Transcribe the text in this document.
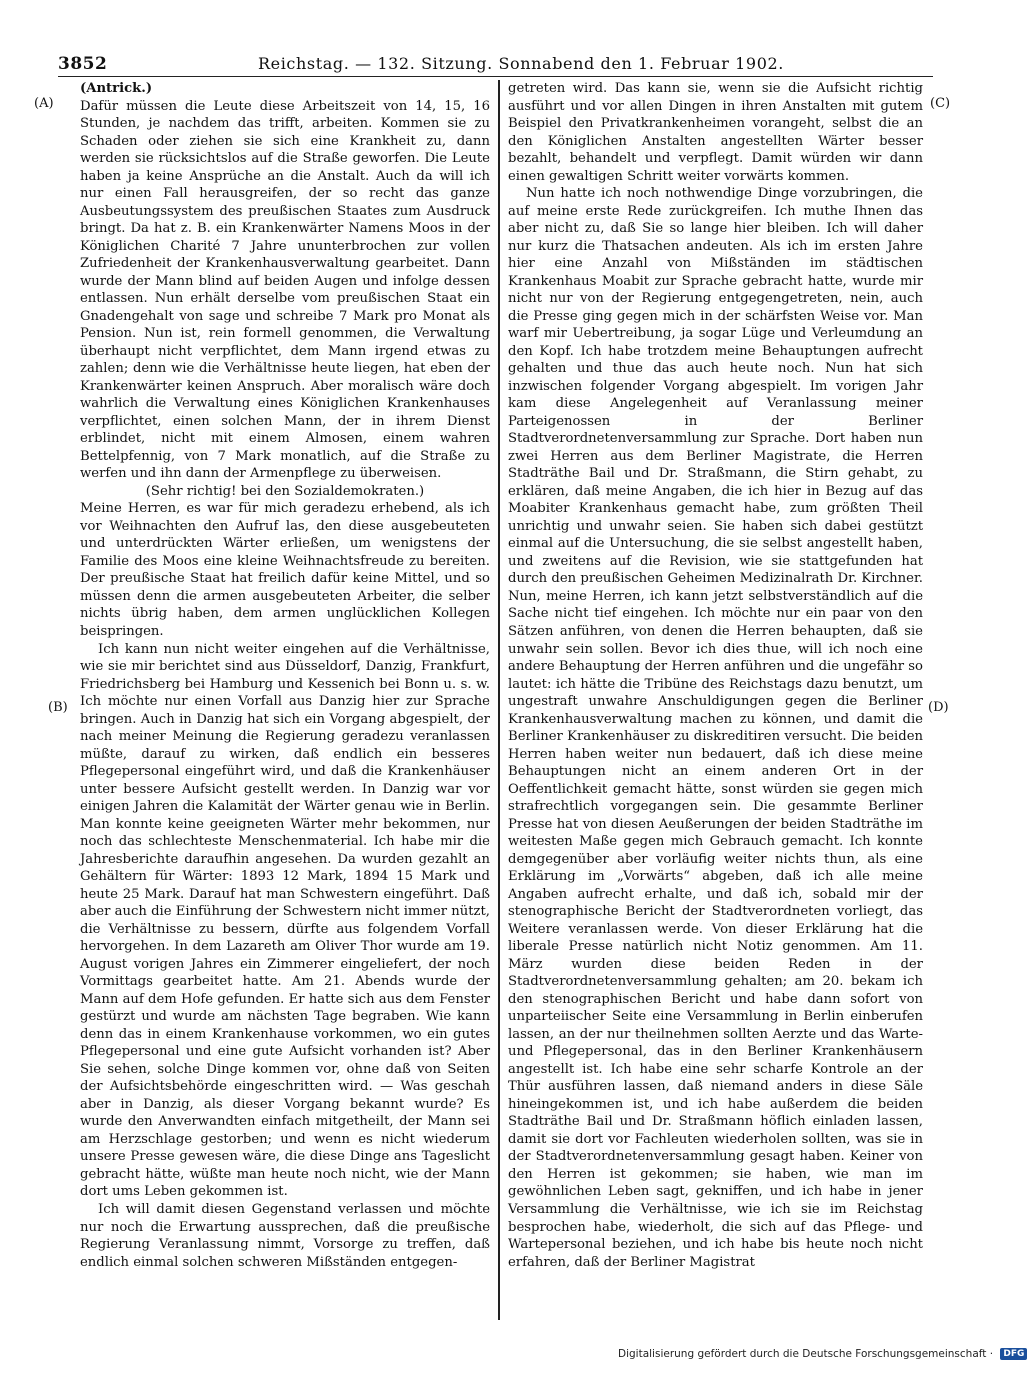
3852	Reichstag. — 132. Sitzung. Sonnabend den 1. Februar 1902.
(A)
(B)
(C)
(D)

(Antrick.)

Dafür müssen die Leute diese Arbeitszeit von 14, 15, 16 Stunden, je nachdem das trifft, arbeiten. Kommen sie zu Schaden oder ziehen sie sich eine Krankheit zu, dann werden sie rücksichtslos auf die Straße geworfen. Die Leute haben ja keine Ansprüche an die Anstalt. Auch da will ich nur einen Fall herausgreifen, der so recht das ganze Ausbeutungssystem des preußischen Staates zum Ausdruck bringt. Da hat z. B. ein Krankenwärter Namens Moos in der Königlichen Charité 7 Jahre ununterbrochen zur vollen Zufriedenheit der Krankenhausverwaltung gearbeitet. Dann wurde der Mann blind auf beiden Augen und infolge dessen entlassen. Nun erhält derselbe vom preußischen Staat ein Gnadengehalt von sage und schreibe 7 Mark pro Monat als Pension. Nun ist, rein formell genommen, die Verwaltung überhaupt nicht verpflichtet, dem Mann irgend etwas zu zahlen; denn wie die Verhältnisse heute liegen, hat eben der Krankenwärter keinen Anspruch. Aber moralisch wäre doch wahrlich die Verwaltung eines Königlichen Krankenhauses verpflichtet, einen solchen Mann, der in ihrem Dienst erblindet, nicht mit einem Almosen, einem wahren Bettelpfennig, von 7 Mark monatlich, auf die Straße zu werfen und ihn dann der Armenpflege zu überweisen.

(Sehr richtig! bei den Sozialdemokraten.)

Meine Herren, es war für mich geradezu erhebend, als ich vor Weihnachten den Aufruf las, den diese ausgebeuteten und unterdrückten Wärter erließen, um wenigstens der Familie des Moos eine kleine Weihnachtsfreude zu bereiten. Der preußische Staat hat freilich dafür keine Mittel, und so müssen denn die armen ausgebeuteten Arbeiter, die selber nichts übrig haben, dem armen unglücklichen Kollegen beispringen.

Ich kann nun nicht weiter eingehen auf die Verhältnisse, wie sie mir berichtet sind aus Düsseldorf, Danzig, Frankfurt, Friedrichsberg bei Hamburg und Kessenich bei Bonn u. s. w. Ich möchte nur einen Vorfall aus Danzig hier zur Sprache bringen. Auch in Danzig hat sich ein Vorgang abgespielt, der nach meiner Meinung die Regierung geradezu veranlassen müßte, darauf zu wirken, daß endlich ein besseres Pflegepersonal eingeführt wird, und daß die Krankenhäuser unter bessere Aufsicht gestellt werden. In Danzig war vor einigen Jahren die Kalamität der Wärter genau wie in Berlin. Man konnte keine geeigneten Wärter mehr bekommen, nur noch das schlechteste Menschenmaterial. Ich habe mir die Jahresberichte daraufhin angesehen. Da wurden gezahlt an Gehältern für Wärter: 1893 12 Mark, 1894 15 Mark und heute 25 Mark. Darauf hat man Schwestern eingeführt. Daß aber auch die Einführung der Schwestern nicht immer nützt, die Verhältnisse zu bessern, dürfte aus folgendem Vorfall hervorgehen. In dem Lazareth am Oliver Thor wurde am 19. August vorigen Jahres ein Zimmerer eingeliefert, der noch Vormittags gearbeitet hatte. Am 21. Abends wurde der Mann auf dem Hofe gefunden. Er hatte sich aus dem Fenster gestürzt und wurde am nächsten Tage begraben. Wie kann denn das in einem Krankenhause vorkommen, wo ein gutes Pflegepersonal und eine gute Aufsicht vorhanden ist? Aber Sie sehen, solche Dinge kommen vor, ohne daß von Seiten der Aufsichtsbehörde eingeschritten wird. — Was geschah aber in Danzig, als dieser Vorgang bekannt wurde? Es wurde den Anverwandten einfach mitgetheilt, der Mann sei am Herzschlage gestorben; und wenn es nicht wiederum unsere Presse gewesen wäre, die diese Dinge ans Tageslicht gebracht hätte, wüßte man heute noch nicht, wie der Mann dort ums Leben gekommen ist.

Ich will damit diesen Gegenstand verlassen und möchte nur noch die Erwartung aussprechen, daß die preußische Regierung Veranlassung nimmt, Vorsorge zu treffen, daß endlich einmal solchen schweren Mißständen entgegen-

getreten wird. Das kann sie, wenn sie die Aufsicht richtig ausführt und vor allen Dingen in ihren Anstalten mit gutem Beispiel den Privatkrankenheimen vorangeht, selbst die an den Königlichen Anstalten angestellten Wärter besser bezahlt, behandelt und verpflegt. Damit würden wir dann einen gewaltigen Schritt weiter vorwärts kommen.

Nun hatte ich noch nothwendige Dinge vorzubringen, die auf meine erste Rede zurückgreifen. Ich muthe Ihnen das aber nicht zu, daß Sie so lange hier bleiben. Ich will daher nur kurz die Thatsachen andeuten. Als ich im ersten Jahre hier eine Anzahl von Mißständen im städtischen Krankenhaus Moabit zur Sprache gebracht hatte, wurde mir nicht nur von der Regierung entgegengetreten, nein, auch die Presse ging gegen mich in der schärfsten Weise vor. Man warf mir Uebertreibung, ja sogar Lüge und Verleumdung an den Kopf. Ich habe trotzdem meine Behauptungen aufrecht gehalten und thue das auch heute noch. Nun hat sich inzwischen folgender Vorgang abgespielt. Im vorigen Jahr kam diese Angelegenheit auf Veranlassung meiner Parteigenossen in der Berliner Stadtverordnetenversammlung zur Sprache. Dort haben nun zwei Herren aus dem Berliner Magistrate, die Herren Stadträthe Bail und Dr. Straßmann, die Stirn gehabt, zu erklären, daß meine Angaben, die ich hier in Bezug auf das Moabiter Krankenhaus gemacht habe, zum größten Theil unrichtig und unwahr seien. Sie haben sich dabei gestützt einmal auf die Untersuchung, die sie selbst angestellt haben, und zweitens auf die Revision, wie sie stattgefunden hat durch den preußischen Geheimen Medizinalrath Dr. Kirchner. Nun, meine Herren, ich kann jetzt selbstverständlich auf die Sache nicht tief eingehen. Ich möchte nur ein paar von den Sätzen anführen, von denen die Herren behaupten, daß sie unwahr sein sollen. Bevor ich dies thue, will ich noch eine andere Behauptung der Herren anführen und die ungefähr so lautet: ich hätte die Tribüne des Reichstags dazu benutzt, um ungestraft unwahre Anschuldigungen gegen die Berliner Krankenhausverwaltung machen zu können, und damit die Berliner Krankenhäuser zu diskreditiren versucht. Die beiden Herren haben weiter nun bedauert, daß ich diese meine Behauptungen nicht an einem anderen Ort in der Oeffentlichkeit gemacht hätte, sonst würden sie gegen mich strafrechtlich vorgegangen sein. Die gesammte Berliner Presse hat von diesen Aeußerungen der beiden Stadträthe im weitesten Maße gegen mich Gebrauch gemacht. Ich konnte demgegenüber aber vorläufig weiter nichts thun, als eine Erklärung im „Vorwärts“ abgeben, daß ich alle meine Angaben aufrecht erhalte, und daß ich, sobald mir der stenographische Bericht der Stadtverordneten vorliegt, das Weitere veranlassen werde. Von dieser Erklärung hat die liberale Presse natürlich nicht Notiz genommen. Am 11. März wurden diese beiden Reden in der Stadtverordnetenversammlung gehalten; am 20. bekam ich den stenographischen Bericht und habe dann sofort von unparteiischer Seite eine Versammlung in Berlin einberufen lassen, an der nur theilnehmen sollten Aerzte und das Warte- und Pflegepersonal, das in den Berliner Krankenhäusern angestellt ist. Ich habe eine sehr scharfe Kontrole an der Thür ausführen lassen, daß niemand anders in diese Säle hineingekommen ist, und ich habe außerdem die beiden Stadträthe Bail und Dr. Straßmann höflich einladen lassen, damit sie dort vor Fachleuten wiederholen sollten, was sie in der Stadtverordnetenversammlung gesagt haben. Keiner von den Herren ist gekommen; sie haben, wie man im gewöhnlichen Leben sagt, gekniffen, und ich habe in jener Versammlung die Verhältnisse, wie ich sie im Reichstag besprochen habe, wiederholt, die sich auf das Pflege- und Wartepersonal beziehen, und ich habe bis heute noch nicht erfahren, daß der Berliner Magistrat

Digitalisierung gefördert durch die Deutsche Forschungsgemeinschaft · DFG
